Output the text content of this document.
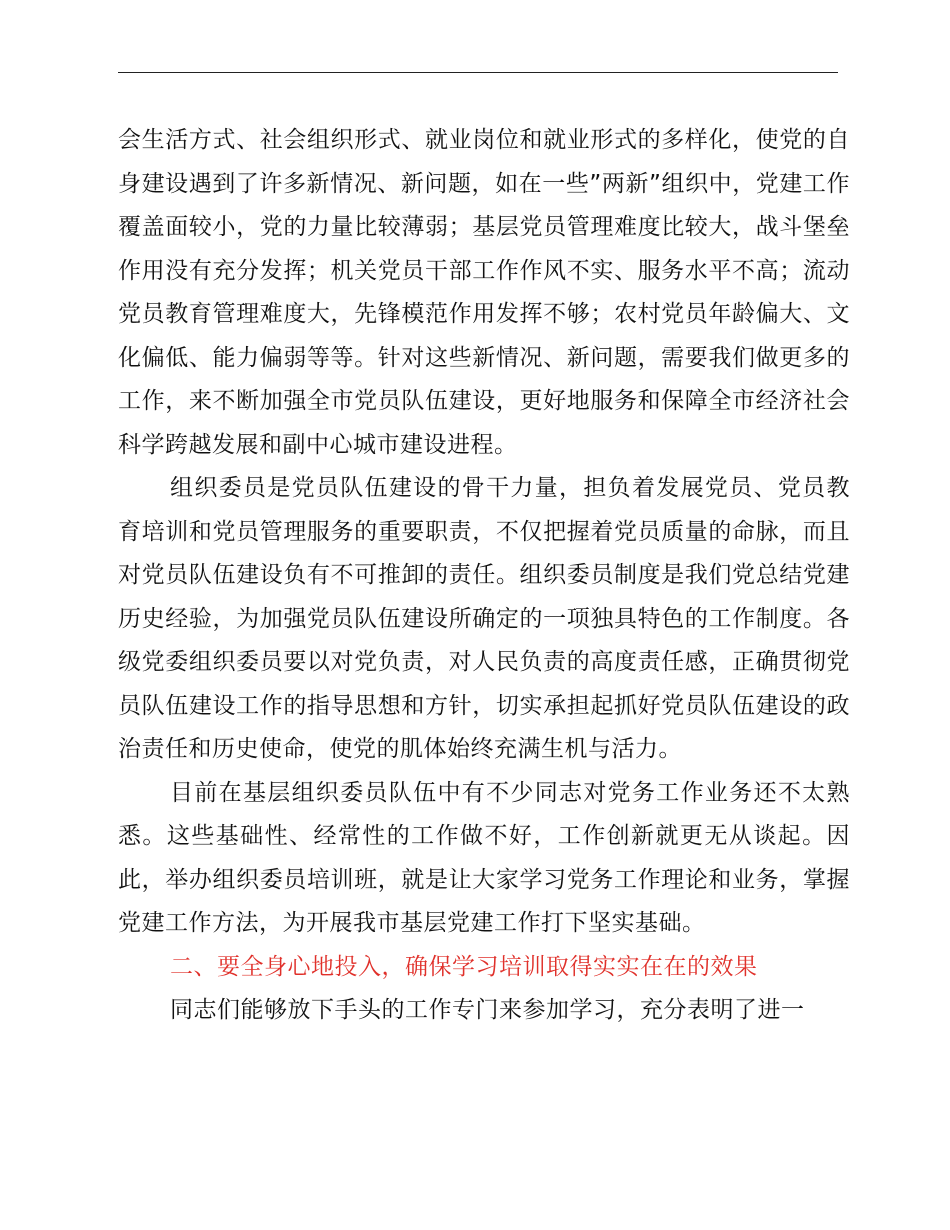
会生活方式、社会组织形式、就业岗位和就业形式的多样化，使党的自身建设遇到了许多新情况、新问题，如在一些”两新”组织中，党建工作覆盖面较小，党的力量比较薄弱；基层党员管理难度比较大，战斗堡垒作用没有充分发挥；机关党员干部工作作风不实、服务水平不高；流动党员教育管理难度大，先锋模范作用发挥不够；农村党员年龄偏大、文化偏低、能力偏弱等等。针对这些新情况、新问题，需要我们做更多的工作，来不断加强全市党员队伍建设，更好地服务和保障全市经济社会科学跨越发展和副中心城市建设进程。

组织委员是党员队伍建设的骨干力量，担负着发展党员、党员教育培训和党员管理服务的重要职责，不仅把握着党员质量的命脉，而且对党员队伍建设负有不可推卸的责任。组织委员制度是我们党总结党建历史经验，为加强党员队伍建设所确定的一项独具特色的工作制度。各级党委组织委员要以对党负责，对人民负责的高度责任感，正确贯彻党员队伍建设工作的指导思想和方针，切实承担起抓好党员队伍建设的政治责任和历史使命，使党的肌体始终充满生机与活力。

目前在基层组织委员队伍中有不少同志对党务工作业务还不太熟悉。这些基础性、经常性的工作做不好，工作创新就更无从谈起。因此，举办组织委员培训班，就是让大家学习党务工作理论和业务，掌握党建工作方法，为开展我市基层党建工作打下坚实基础。

二、要全身心地投入，确保学习培训取得实实在在的效果

同志们能够放下手头的工作专门来参加学习，充分表明了进一
